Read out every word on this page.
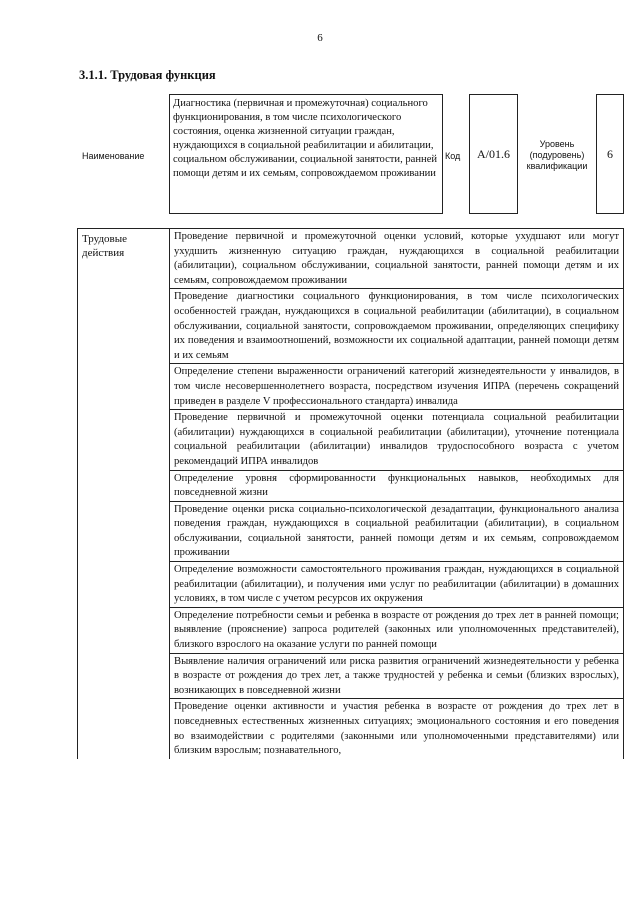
6
3.1.1. Трудовая функция
Наименование
Диагностика (первичная и промежуточная) социального функционирования, в том числе психологического состояния, оценка жизненной ситуации граждан, нуждающихся в социальной реабилитации и абилитации, социальном обслуживании, социальной занятости, ранней помощи детям и их семьям, сопровождаемом проживании
Код	A/01.6
Уровень (подуровень) квалификации
6
Трудовые действия
Проведение первичной и промежуточной оценки условий, которые ухудшают или могут ухудшить жизненную ситуацию граждан, нуждающихся в социальной реабилитации (абилитации), социальном обслуживании, социальной занятости, ранней помощи детям и их семьям, сопровождаемом проживании
Проведение диагностики социального функционирования, в том числе психологических особенностей граждан, нуждающихся в социальной реабилитации (абилитации), в социальном обслуживании, социальной занятости, сопровождаемом проживании, определяющих специфику их поведения и взаимоотношений, возможности их социальной адаптации, ранней помощи детям и их семьям
Определение степени выраженности ограничений категорий жизнедеятельности у инвалидов, в том числе несовершеннолетнего возраста, посредством изучения ИПРА (перечень сокращений приведен в разделе V профессионального стандарта) инвалида
Проведение первичной и промежуточной оценки потенциала социальной реабилитации (абилитации) нуждающихся в социальной реабилитации (абилитации), уточнение потенциала социальной реабилитации (абилитации) инвалидов трудоспособного возраста с учетом рекомендаций ИПРА инвалидов
Определение уровня сформированности функциональных навыков, необходимых для повседневной жизни
Проведение оценки риска социально-психологической дезадаптации, функционального анализа поведения граждан, нуждающихся в социальной реабилитации (абилитации), в социальном обслуживании, социальной занятости, ранней помощи детям и их семьям, сопровождаемом проживании
Определение возможности самостоятельного проживания граждан, нуждающихся в социальной реабилитации (абилитации), и получения ими услуг по реабилитации (абилитации) в домашних условиях, в том числе с учетом ресурсов их окружения
Определение потребности семьи и ребенка в возрасте от рождения до трех лет в ранней помощи; выявление (прояснение) запроса родителей (законных или уполномоченных представителей), близкого взрослого на оказание услуги по ранней помощи
Выявление наличия ограничений или риска развития ограничений жизнедеятельности у ребенка в возрасте от рождения до трех лет, а также трудностей у ребенка и семьи (близких взрослых), возникающих в повседневной жизни
Проведение оценки активности и участия ребенка в возрасте от рождения до трех лет в повседневных естественных жизненных ситуациях; эмоционального состояния и его поведения во взаимодействии с родителями (законными или уполномоченными представителями) или близким взрослым; познавательного,
